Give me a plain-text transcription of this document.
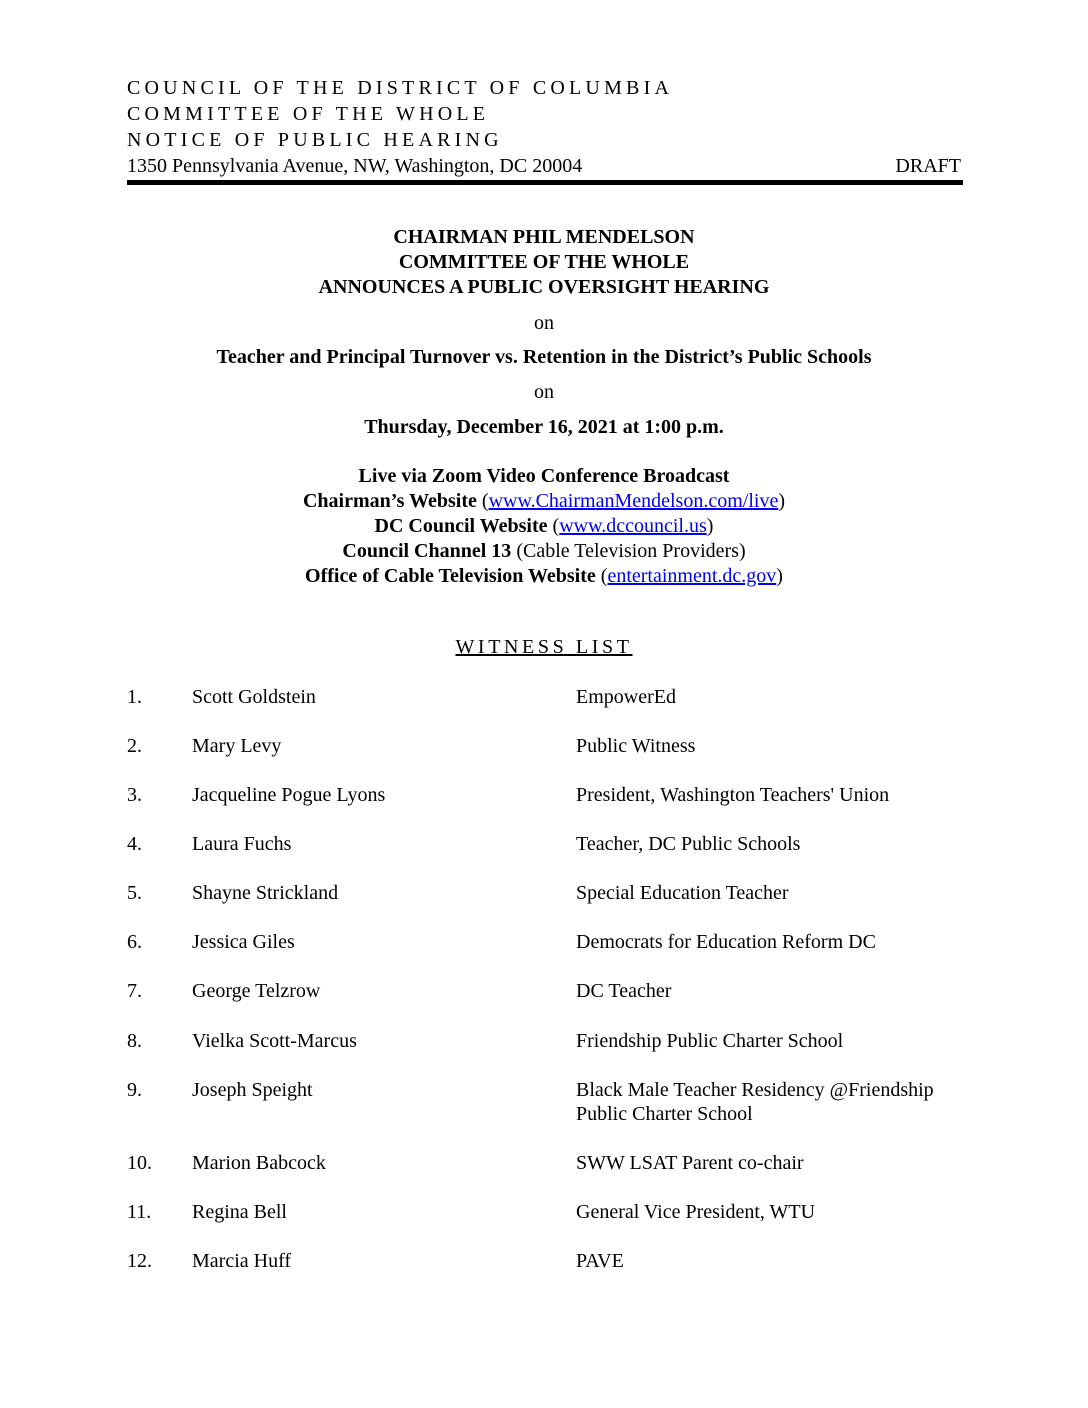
COUNCIL OF THE DISTRICT OF COLUMBIA
COMMITTEE OF THE WHOLE
NOTICE OF PUBLIC HEARING
1350 Pennsylvania Avenue, NW, Washington, DC 20004	DRAFT
CHAIRMAN PHIL MENDELSON
COMMITTEE OF THE WHOLE
ANNOUNCES A PUBLIC OVERSIGHT HEARING
on
Teacher and Principal Turnover vs. Retention in the District’s Public Schools
on
Thursday, December 16, 2021 at 1:00 p.m.
Live via Zoom Video Conference Broadcast
Chairman’s Website (www.ChairmanMendelson.com/live)
DC Council Website (www.dccouncil.us)
Council Channel 13 (Cable Television Providers)
Office of Cable Television Website (entertainment.dc.gov)
WITNESS LIST
1.	Scott Goldstein	EmpowerEd
2.	Mary Levy	Public Witness
3.	Jacqueline Pogue Lyons	President, Washington Teachers' Union
4.	Laura Fuchs	Teacher, DC Public Schools
5.	Shayne Strickland	Special Education Teacher
6.	Jessica Giles	Democrats for Education Reform DC
7.	George Telzrow	DC Teacher
8.	Vielka Scott-Marcus	Friendship Public Charter School
9.	Joseph Speight	Black Male Teacher Residency @Friendship
Public Charter School
10. Marion Babcock	SWW LSAT Parent co-chair
11. Regina Bell	General Vice President, WTU
12. Marcia Huff	PAVE
